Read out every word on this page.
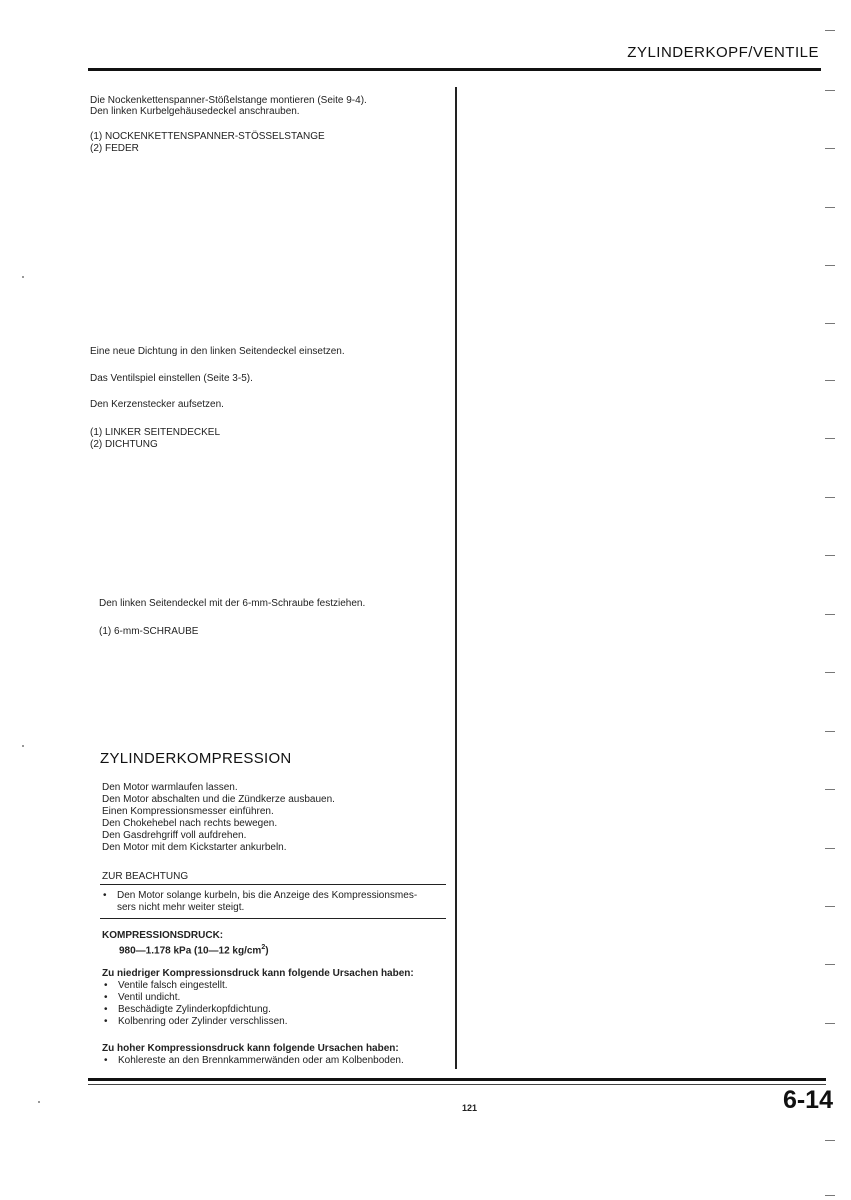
ZYLINDERKOPF/VENTILE
Die Nockenkettenspanner-Stößelstange montieren (Seite 9-4).
Den linken Kurbelgehäusedeckel anschrauben.
(1) NOCKENKETTENSPANNER-STÖSSELSTANGE
(2) FEDER
Eine neue Dichtung in den linken Seitendeckel einsetzen.
Das Ventilspiel einstellen (Seite 3-5).
Den Kerzenstecker aufsetzen.
(1) LINKER SEITENDECKEL
(2) DICHTUNG
Den linken Seitendeckel mit der 6-mm-Schraube festziehen.
(1) 6-mm-SCHRAUBE
ZYLINDERKOMPRESSION
Den Motor warmlaufen lassen.
Den Motor abschalten und die Zündkerze ausbauen.
Einen Kompressionsmesser einführen.
Den Chokehebel nach rechts bewegen.
Den Gasdrehgriff voll aufdrehen.
Den Motor mit dem Kickstarter ankurbeln.
ZUR BEACHTUNG
• Den Motor solange kurbeln, bis die Anzeige des Kompressionsmes-
sers nicht mehr weiter steigt.
KOMPRESSIONSDRUCK:
980—1.178 kPa (10—12 $kg/cm^2$)
Zu niedriger Kompressionsdruck kann folgende Ursachen haben:
• Ventile falsch eingestellt.
• Ventil undicht.
• Beschädigte Zylinderkopfdichtung.
• Kolbenring oder Zylinder verschlissen.
Zu hoher Kompressionsdruck kann folgende Ursachen haben:
• Kohlereste an den Brennkammerwänden oder am Kolbenboden.
121	6-14
